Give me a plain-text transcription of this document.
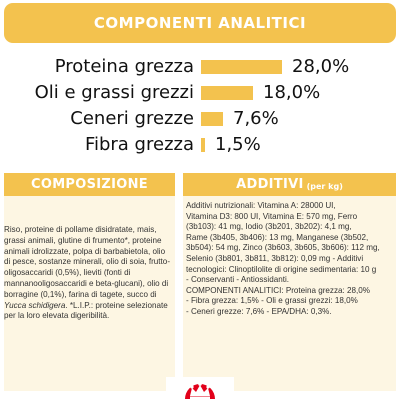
COMPONENTI ANALITICI
Proteina grezza	28,0%
Oli e grassi grezzi	18,0%
Ceneri grezze 7,6%
Fibra grezza 1,5%
COMPOSIZIONE
Riso, proteine di pollame disidratate, mais, grassi animali, glutine di frumento*, proteine animali idrolizzate, polpa di barbabietola, olio di pesce, sostanze minerali, olio di soia, fruttooligosaccaridi (0,5%), lieviti (fonti di mannanooligosaccaridi e beta-glucani), olio di borragine (0,1%), farina di tagete, succo di Yucca schidigera. *L.I.P.: proteine selezionate per la loro elevata digeribilità.
ADDITIVI (per kg)
Additivi nutrizionali: Vitamina A: 28000 UI,
Vitamina D3: 800 UI, Vitamina E: 570 mg, Ferro
(3b103): 41 mg, Iodio (3b201, 3b202): 4,1 mg,
Rame (3b405, 3b406): 13 mg, Manganese (3b502,
3b504): 54 mg, Zinco (3b603, 3b605, 3b606): 112 mg,
Selenio (3b801, 3b811, 3b812): 0,09 mg - Additivi
tecnologici: Clinoptilolite di origine sedimentaria: 10 g
- Conservanti - Antiossidanti.
COMPONENTI ANALITICI: Proteina grezza: 28,0%
- Fibra grezza: 1,5% - Oli e grassi grezzi: 18,0%
- Ceneri grezze: 7,6% - EPA/DHA: 0,3%.
